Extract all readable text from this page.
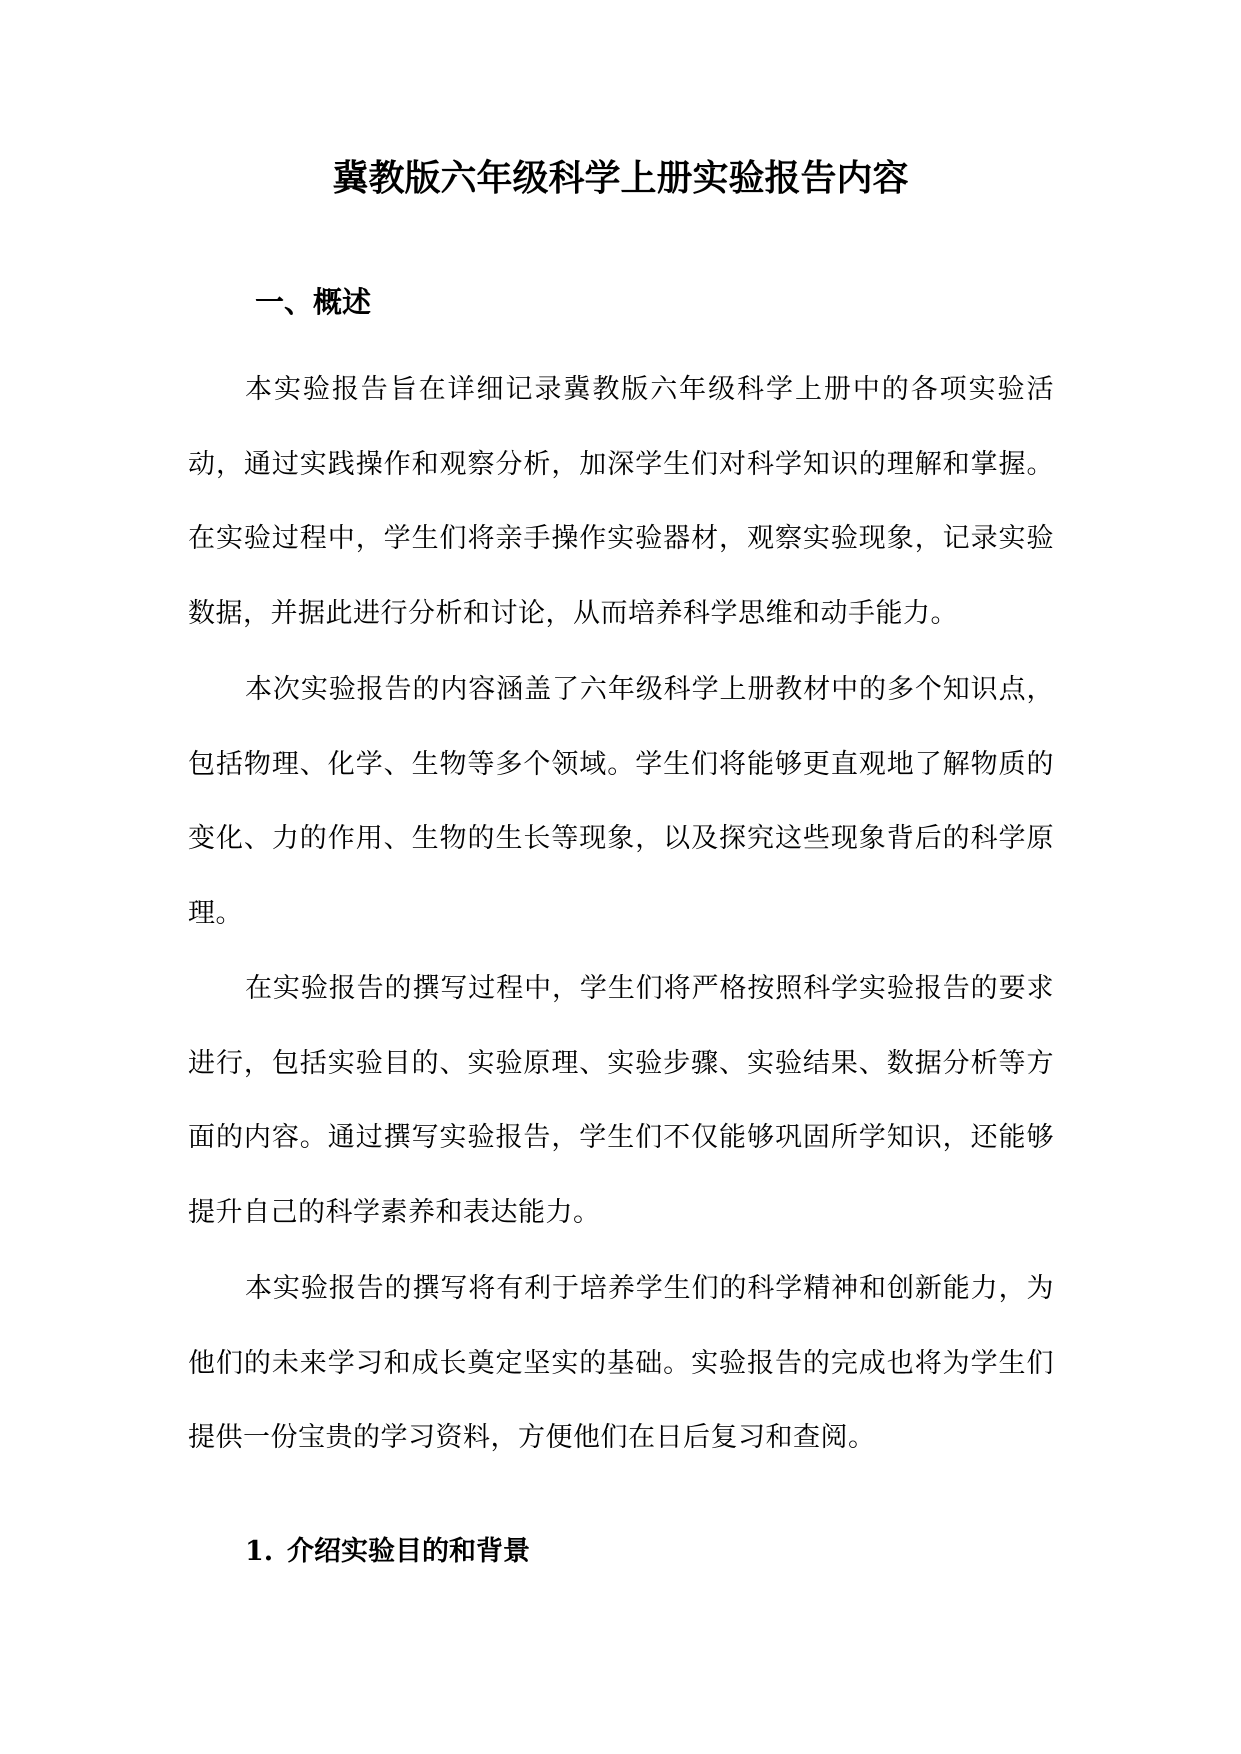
冀教版六年级科学上册实验报告内容
一、概述

本实验报告旨在详细记录冀教版六年级科学上册中的各项实验活动，通过实践操作和观察分析，加深学生们对科学知识的理解和掌握。在实验过程中，学生们将亲手操作实验器材，观察实验现象，记录实验数据，并据此进行分析和讨论，从而培养科学思维和动手能力。

本次实验报告的内容涵盖了六年级科学上册教材中的多个知识点，包括物理、化学、生物等多个领域。学生们将能够更直观地了解物质的变化、力的作用、生物的生长等现象，以及探究这些现象背后的科学原理。

在实验报告的撰写过程中，学生们将严格按照科学实验报告的要求进行，包括实验目的、实验原理、实验步骤、实验结果、数据分析等方面的内容。通过撰写实验报告，学生们不仅能够巩固所学知识，还能够提升自己的科学素养和表达能力。

本实验报告的撰写将有利于培养学生们的科学精神和创新能力，为他们的未来学习和成长奠定坚实的基础。实验报告的完成也将为学生们提供一份宝贵的学习资料，方便他们在日后复习和查阅。

1. 介绍实验目的和背景
